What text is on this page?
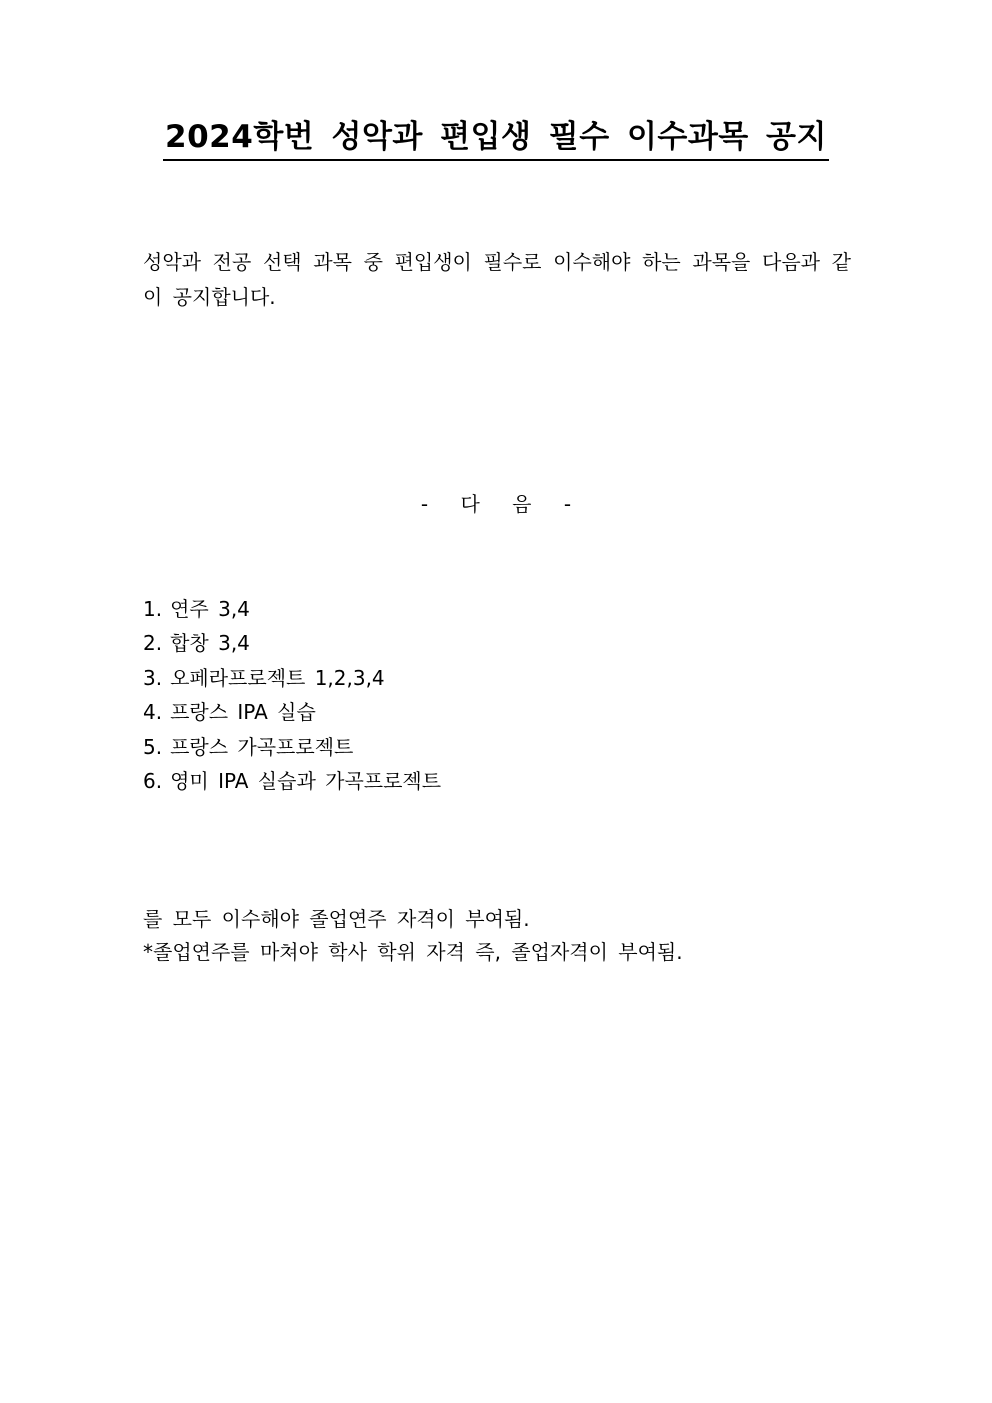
2024학번 성악과 편입생 필수 이수과목 공지

성악과 전공 선택 과목 중 편입생이 필수로 이수해야 하는 과목을 다음과 같이 공지합니다.

- 다 음 -

1. 연주 3,4
2. 합창 3,4
3. 오페라프로젝트 1,2,3,4
4. 프랑스 IPA 실습
5. 프랑스 가곡프로젝트
6. 영미 IPA 실습과 가곡프로젝트

를 모두 이수해야 졸업연주 자격이 부여됨.

*졸업연주를 마쳐야 학사 학위 자격 즉, 졸업자격이 부여됨.
